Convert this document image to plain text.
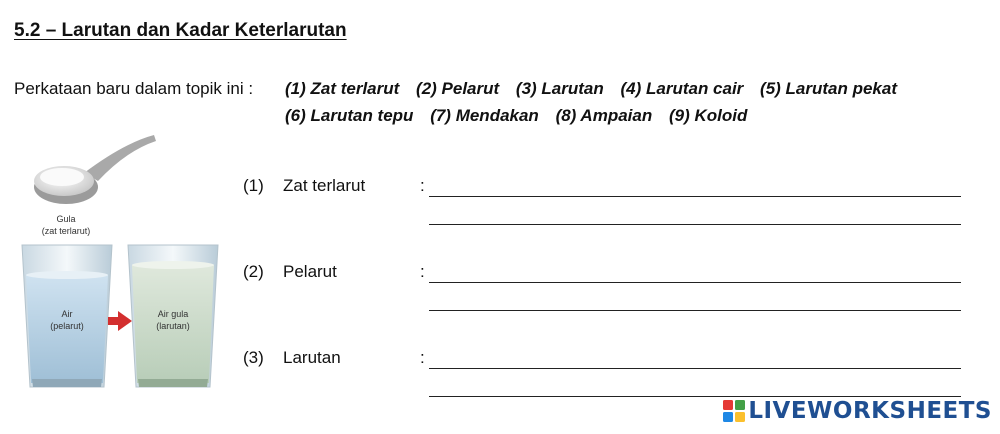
5.2 – Larutan dan Kadar Keterlarutan
Perkataan baru dalam topik ini : (1) Zat terlarut (2) Pelarut (3) Larutan (4) Larutan cair (5) Larutan pekat
(6) Larutan tepu (7) Mendakan (8) Ampaian (9) Koloid
Gula
(zat terlarut)
Air
(pelarut)
Air gula
(larutan)
(1) Zat terlarut	:
(2) Pelarut	:
(3) Larutan	:
LIVEWORKSHEETS
